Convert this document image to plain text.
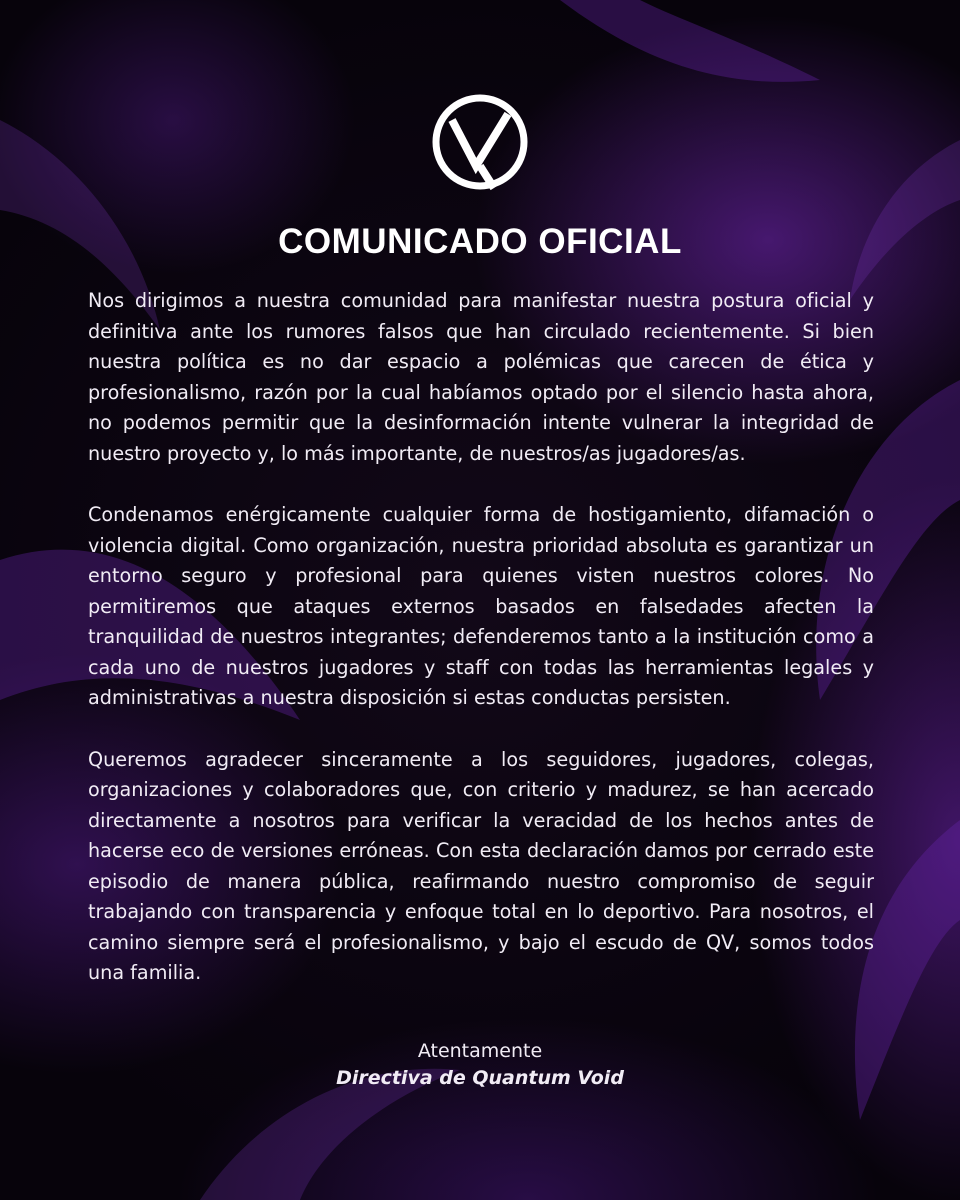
COMUNICADO OFICIAL

Nos dirigimos a nuestra comunidad para manifestar nuestra postura oficial y definitiva ante los rumores falsos que han circulado recientemente. Si bien nuestra política es no dar espacio a polémicas que carecen de ética y profesionalismo, razón por la cual habíamos optado por el silencio hasta ahora, no podemos permitir que la desinformación intente vulnerar la integridad de nuestro proyecto y, lo más importante, de nuestros/as jugadores/as.

Condenamos enérgicamente cualquier forma de hostigamiento, difamación o violencia digital. Como organización, nuestra prioridad absoluta es garantizar un entorno seguro y profesional para quienes visten nuestros colores. No permitiremos que ataques externos basados en falsedades afecten la tranquilidad de nuestros integrantes; defenderemos tanto a la institución como a cada uno de nuestros jugadores y staff con todas las herramientas legales y administrativas a nuestra disposición si estas conductas persisten.

Queremos agradecer sinceramente a los seguidores, jugadores, colegas, organizaciones y colaboradores que, con criterio y madurez, se han acercado directamente a nosotros para verificar la veracidad de los hechos antes de hacerse eco de versiones erróneas. Con esta declaración damos por cerrado este episodio de manera pública, reafirmando nuestro compromiso de seguir trabajando con transparencia y enfoque total en lo deportivo. Para nosotros, el camino siempre será el profesionalismo, y bajo el escudo de QV, somos todos una familia.

Atentamente
Directiva de Quantum Void
